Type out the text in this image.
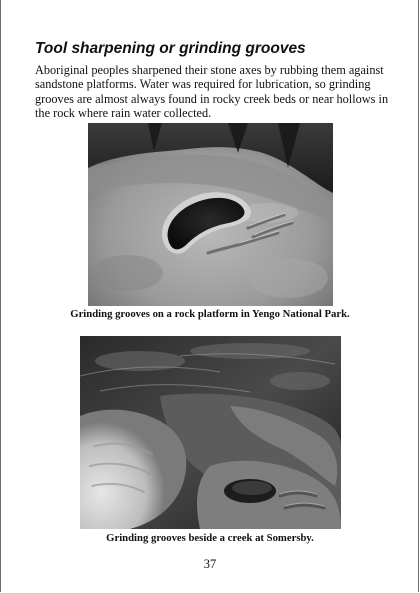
Tool sharpening or grinding grooves

Aboriginal peoples sharpened their stone axes by rubbing them against sandstone platforms. Water was required for lubrication, so grinding grooves are almost always found in rocky creek beds or near hollows in the rock where rain water collected.

Grinding grooves on a rock platform in Yengo National Park.

Grinding grooves beside a creek at Somersby.

37
